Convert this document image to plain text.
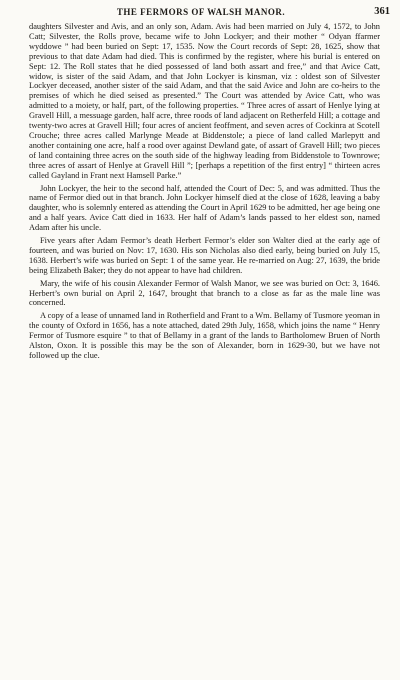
THE FERMORS OF WALSH MANOR.	361

daughters Silvester and Avis, and an only son, Adam. Avis had been married on July 4, 1572, to John Catt; Silvester, the Rolls prove, became wife to John Lockyer; and their mother “ Odyan ffarmer wyddowe ” had been buried on Sept: 17, 1535. Now the Court records of Sept: 28, 1625, show that previous to that date Adam had died. This is confirmed by the register, where his burial is entered on Sept: 12. The Roll states that he died possessed of land both assart and free,” and that Avice Catt, widow, is sister of the said Adam, and that John Lockyer is kinsman, viz : oldest son of Silvester Lockyer deceased, another sister of the said Adam, and that the said Avice and John are co-heirs to the premises of which he died seised as presented.” The Court was attended by Avice Catt, who was admitted to a moiety, or half, part, of the following properties. “ Three acres of assart of Henlye lying at Gravell Hill, a messuage garden, half acre, three roods of land adjacent on Retherfeld Hill; a cottage and twenty-two acres at Gravell Hill; four acres of ancient feoffment, and seven acres of Cockinra at Scotell Crouche; three acres called Marlynge Meade at Biddenstole; a piece of land called Marlepytt and another containing one acre, half a rood over against Dewland gate, of assart of Gravell Hill; two pieces of land containing three acres on the south side of the highway leading from Biddenstole to Townrowe; three acres of assart of Henlye at Gravell Hill ”; [perhaps a repetition of the first entry] “ thirteen acres called Gayland in Frant next Hamsell Parke.”

John Lockyer, the heir to the second half, attended the Court of Dec: 5, and was admitted. Thus the name of Fermor died out in that branch. John Lockyer himself died at the close of 1628, leaving a baby daughter, who is solemnly entered as attending the Court in April 1629 to be admitted, her age being one and a half years. Avice Catt died in 1633. Her half of Adam’s lands passed to her eldest son, named Adam after his uncle.

Five years after Adam Fermor’s death Herbert Fermor’s elder son Walter died at the early age of fourteen, and was buried on Nov: 17, 1630. His son Nicholas also died early, being buried on July 15, 1638. Herbert’s wife was buried on Sept: 1 of the same year. He re-married on Aug: 27, 1639, the bride being Elizabeth Baker; they do not appear to have had children.

Mary, the wife of his cousin Alexander Fermor of Walsh Manor, we see was buried on Oct: 3, 1646. Herbert’s own burial on April 2, 1647, brought that branch to a close as far as the male line was concerned.

A copy of a lease of unnamed land in Rotherfield and Frant to a Wm. Bellamy of Tusmore yeoman in the county of Oxford in 1656, has a note attached, dated 29th July, 1658, which joins the name “ Henry Fermor of Tusmore esquire ” to that of Bellamy in a grant of the lands to Bartholomew Bruen of North Alston, Oxon. It is possible this may be the son of Alexander, born in 1629-30, but we have not followed up the clue.
